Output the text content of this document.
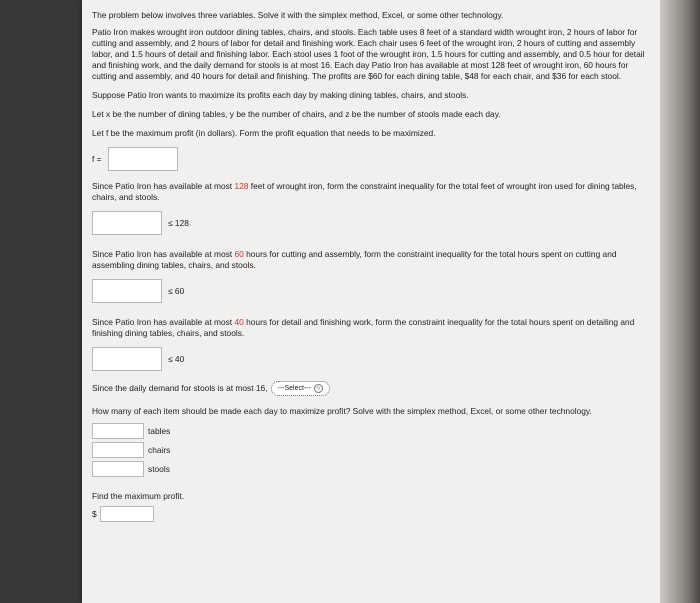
The problem below involves three variables. Solve it with the simplex method, Excel, or some other technology.

Patio Iron makes wrought iron outdoor dining tables, chairs, and stools. Each table uses 8 feet of a standard width wrought iron, 2 hours of labor for cutting and assembly, and 2 hours of labor for detail and finishing work. Each chair uses 6 feet of the wrought iron, 2 hours of cutting and assembly labor, and 1.5 hours of detail and finishing labor. Each stool uses 1 foot of the wrought iron, 1.5 hours for cutting and assembly, and 0.5 hour for detail and finishing work, and the daily demand for stools is at most 16. Each day Patio Iron has available at most 128 feet of wrought iron, 60 hours for cutting and assembly, and 40 hours for detail and finishing. The profits are $60 for each dining table, $48 for each chair, and $36 for each stool.

Suppose Patio Iron wants to maximize its profits each day by making dining tables, chairs, and stools.

Let x be the number of dining tables, y be the number of chairs, and z be the number of stools made each day.

Let f be the maximum profit (in dollars). Form the profit equation that needs to be maximized.

f =

Since Patio Iron has available at most 128 feet of wrought iron, form the constraint inequality for the total feet of wrought iron used for dining tables, chairs, and stools.

≤ 128

Since Patio Iron has available at most 60 hours for cutting and assembly, form the constraint inequality for the total hours spent on cutting and assembling dining tables, chairs, and stools.

≤ 60

Since Patio Iron has available at most 40 hours for detail and finishing work, form the constraint inequality for the total hours spent on detailing and finishing dining tables, chairs, and stools.

≤ 40
Since the daily demand for stools is at most 16, ---Select---	◇

How many of each item should be made each day to maximize profit? Solve with the simplex method, Excel, or some other technology.

tables
chairs
stools

Find the maximum profit.

$
